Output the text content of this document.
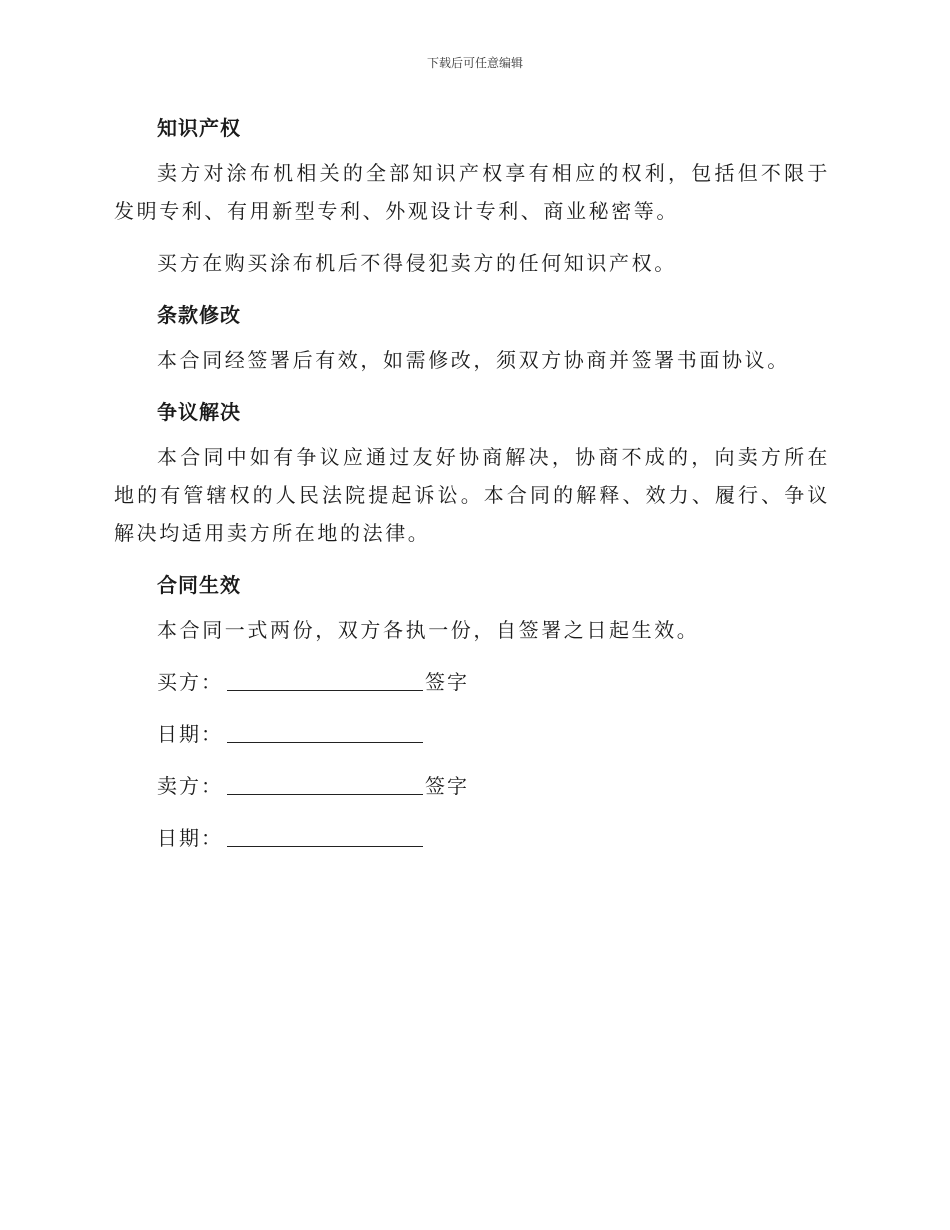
下载后可任意编辑
知识产权

卖方对涂布机相关的全部知识产权享有相应的权利，包括但不限于发明专利、有用新型专利、外观设计专利、商业秘密等。

买方在购买涂布机后不得侵犯卖方的任何知识产权。

条款修改

本合同经签署后有效，如需修改，须双方协商并签署书面协议。

争议解决

本合同中如有争议应通过友好协商解决，协商不成的，向卖方所在地的有管辖权的人民法院提起诉讼。本合同的解释、效力、履行、争议解决均适用卖方所在地的法律。

合同生效

本合同一式两份，双方各执一份，自签署之日起生效。

买方：	签字
日期：
卖方：	签字
日期：
